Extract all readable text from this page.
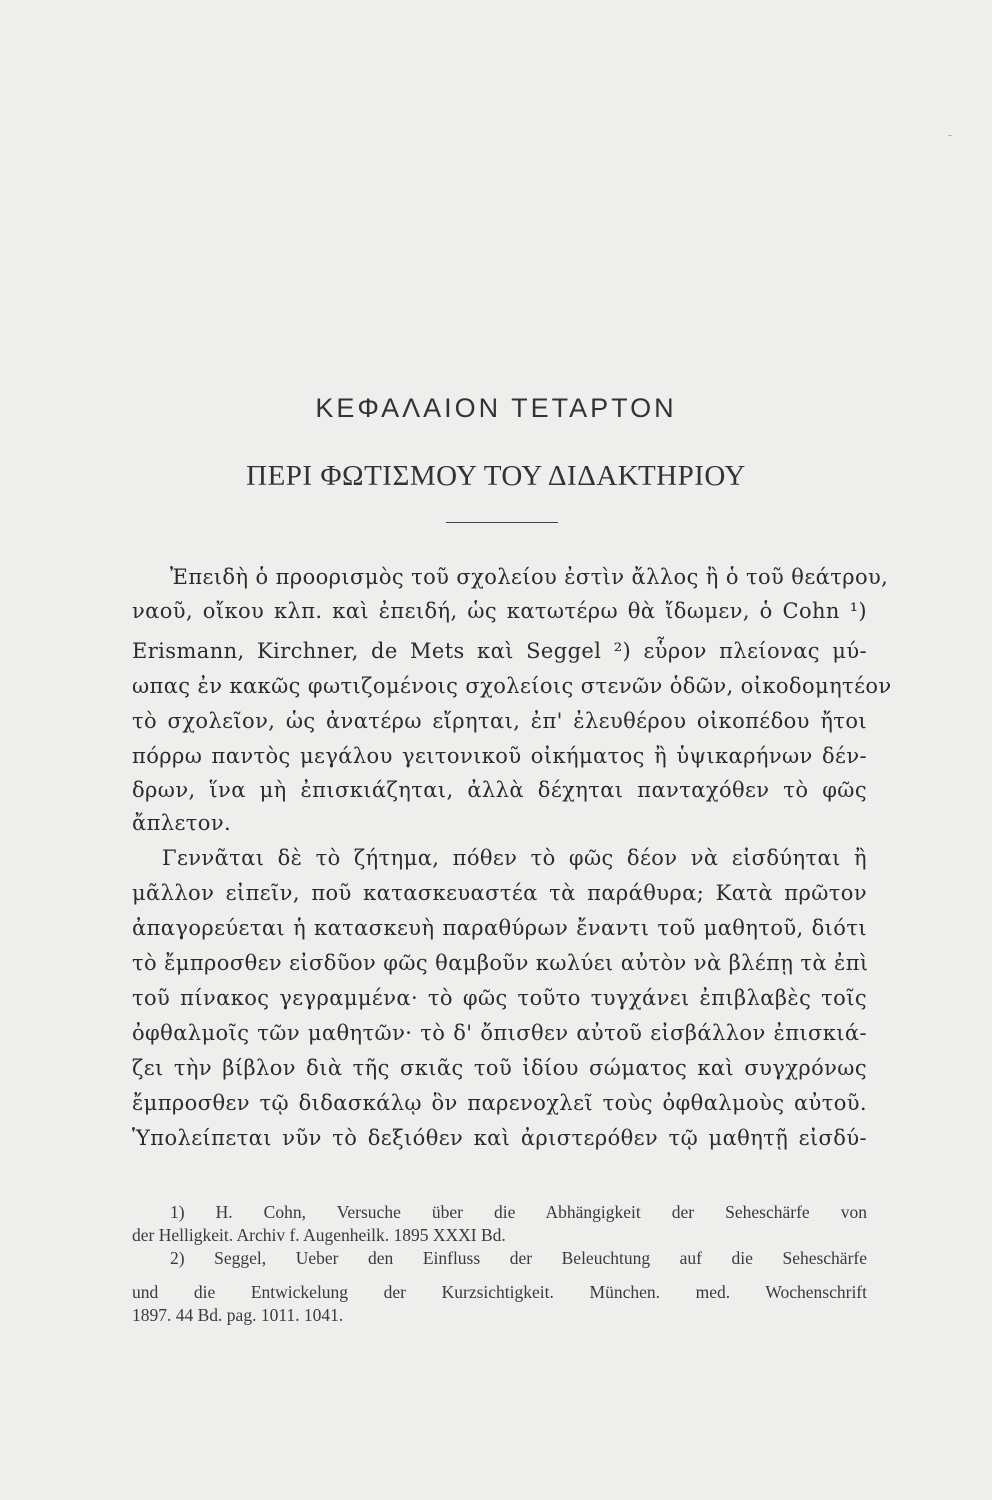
-
ΚΕΦΑΛΑΙΟΝ ΤΕΤΑΡΤΟΝ
ΠΕΡΙ ΦΩΤΙΣΜΟΥ ΤΟΥ ΔΙΔΑΚΤΗΡΙΟΥ
Ἐπειδὴ ὁ προορισμὸς τοῦ σχολείου ἐστὶν ἄλλος ἢ ὁ τοῦ θεάτρου,
ναοῦ, οἴκου κλπ. καὶ ἐπειδή, ὡς κατωτέρω θὰ ἴδωμεν, ὁ Cohn ¹)
Erismann, Kirchner, de Mets καὶ Seggel ²) εὗρον πλείονας μύ-
ωπας ἐν κακῶς φωτιζομένοις σχολείοις στενῶν ὁδῶν, οἰκοδομητέον
τὸ σχολεῖον, ὡς ἀνατέρω εἴρηται, ἐπ' ἐλευθέρου οἰκοπέδου ἤτοι
πόρρω παντὸς μεγάλου γειτονικοῦ οἰκήματος ἢ ὑψικαρήνων δέν-
δρων, ἵνα μὴ ἐπισκιάζηται, ἀλλὰ δέχηται πανταχόθεν τὸ φῶς
ἄπλετον.
Γεννᾶται δὲ τὸ ζήτημα, πόθεν τὸ φῶς δέον νὰ εἰσδύηται ἢ
μᾶλλον εἰπεῖν, ποῦ κατασκευαστέα τὰ παράθυρα; Κατὰ πρῶτον
ἀπαγορεύεται ἡ κατασκευὴ παραθύρων ἔναντι τοῦ μαθητοῦ, διότι
τὸ ἔμπροσθεν εἰσδῦον φῶς θαμβοῦν κωλύει αὐτὸν νὰ βλέπῃ τὰ ἐπὶ
τοῦ πίνακος γεγραμμένα· τὸ φῶς τοῦτο τυγχάνει ἐπιβλαβὲς τοῖς
ὀφθαλμοῖς τῶν μαθητῶν· τὸ δ' ὄπισθεν αὐτοῦ εἰσβάλλον ἐπισκιά-
ζει τὴν βίβλον διὰ τῆς σκιᾶς τοῦ ἰδίου σώματος καὶ συγχρόνως
ἔμπροσθεν τῷ διδασκάλῳ ὃν παρενοχλεῖ τοὺς ὀφθαλμοὺς αὐτοῦ.
Ὑπολείπεται νῦν τὸ δεξιόθεν καὶ ἀριστερόθεν τῷ μαθητῇ εἰσδύ-
1) H. Cohn, Versuche über die Abhängigkeit der Seheschärfe von
der Helligkeit. Archiv f. Augenheilk. 1895 XXXI Bd.
2) Seggel, Ueber den Einfluss der Beleuchtung auf die Seheschärfe
und die Entwickelung der Kurzsichtigkeit. München. med. Wochenschrift
1897. 44 Bd. pag. 1011. 1041.
